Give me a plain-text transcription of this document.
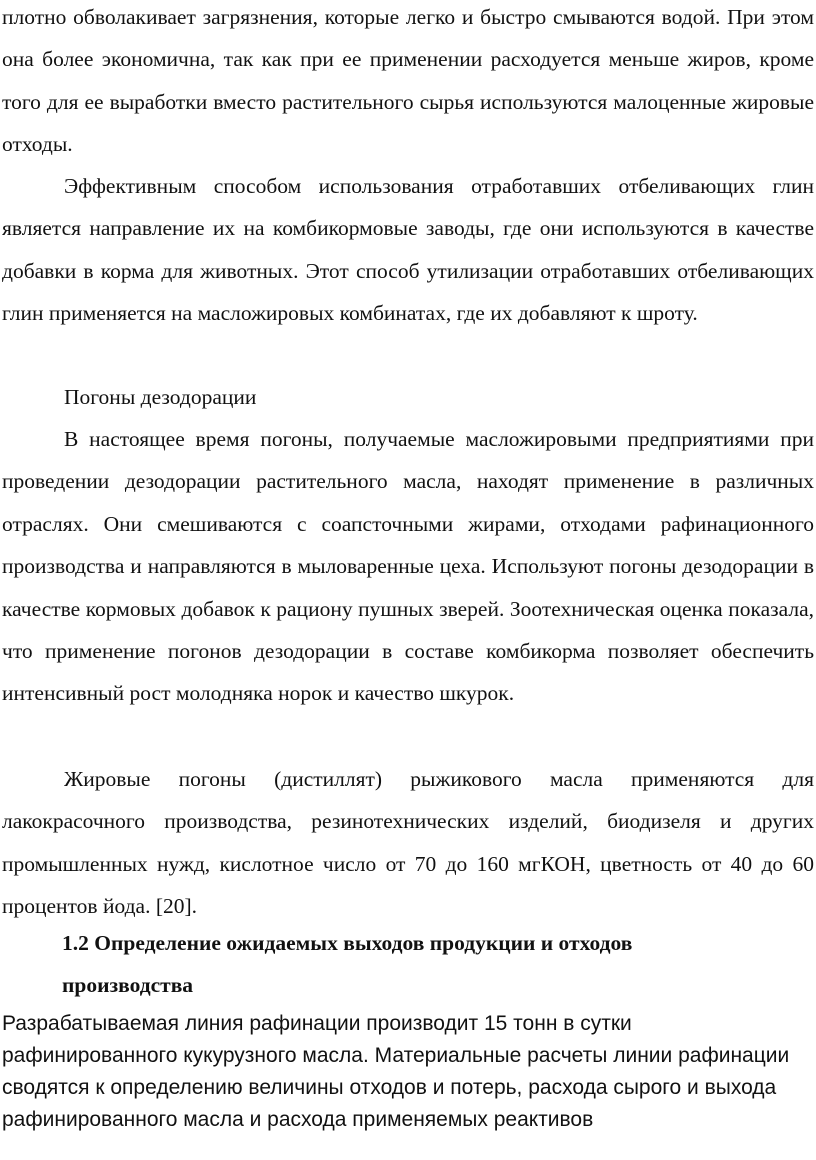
плотно обволакивает загрязнения, которые легко и быстро смываются водой. При этом она более экономична, так как при ее применении расходуется меньше жиров, кроме того для ее выработки вместо растительного сырья используются малоценные жировые отходы.

Эффективным способом использования отработавших отбеливающих глин является направление их на комбикормовые заводы, где они используются в качестве добавки в корма для животных. Этот способ утилизации отработавших отбеливающих глин применяется на масложировых комбинатах, где их добавляют к шроту.

Погоны дезодорации

В настоящее время погоны, получаемые масложировыми предприятиями при проведении дезодорации растительного масла, находят применение в различных отраслях. Они смешиваются с соапсточными жирами, отходами рафинационного производства и направляются в мыловаренные цеха. Используют погоны дезодорации в качестве кормовых добавок к рациону пушных зверей. Зоотехническая оценка показала, что применение погонов дезодорации в составе комбикорма позволяет обеспечить интенсивный рост молодняка норок и качество шкурок.

Жировые погоны (дистиллят) рыжикового масла применяются для лакокрасочного производства, резинотехнических изделий, биодизеля и других промышленных нужд, кислотное число от 70 до 160 мгКОН, цветность от 40 до 60 процентов йода. [20].

1.2 Определение ожидаемых выходов продукции и отходов производства

Разрабатываемая линия рафинации производит 15 тонн в сутки рафинированного кукурузного масла. Материальные расчеты линии рафинации сводятся к определению величины отходов и потерь, расхода сырого и выхода рафинированного масла и расхода применяемых реактивов
